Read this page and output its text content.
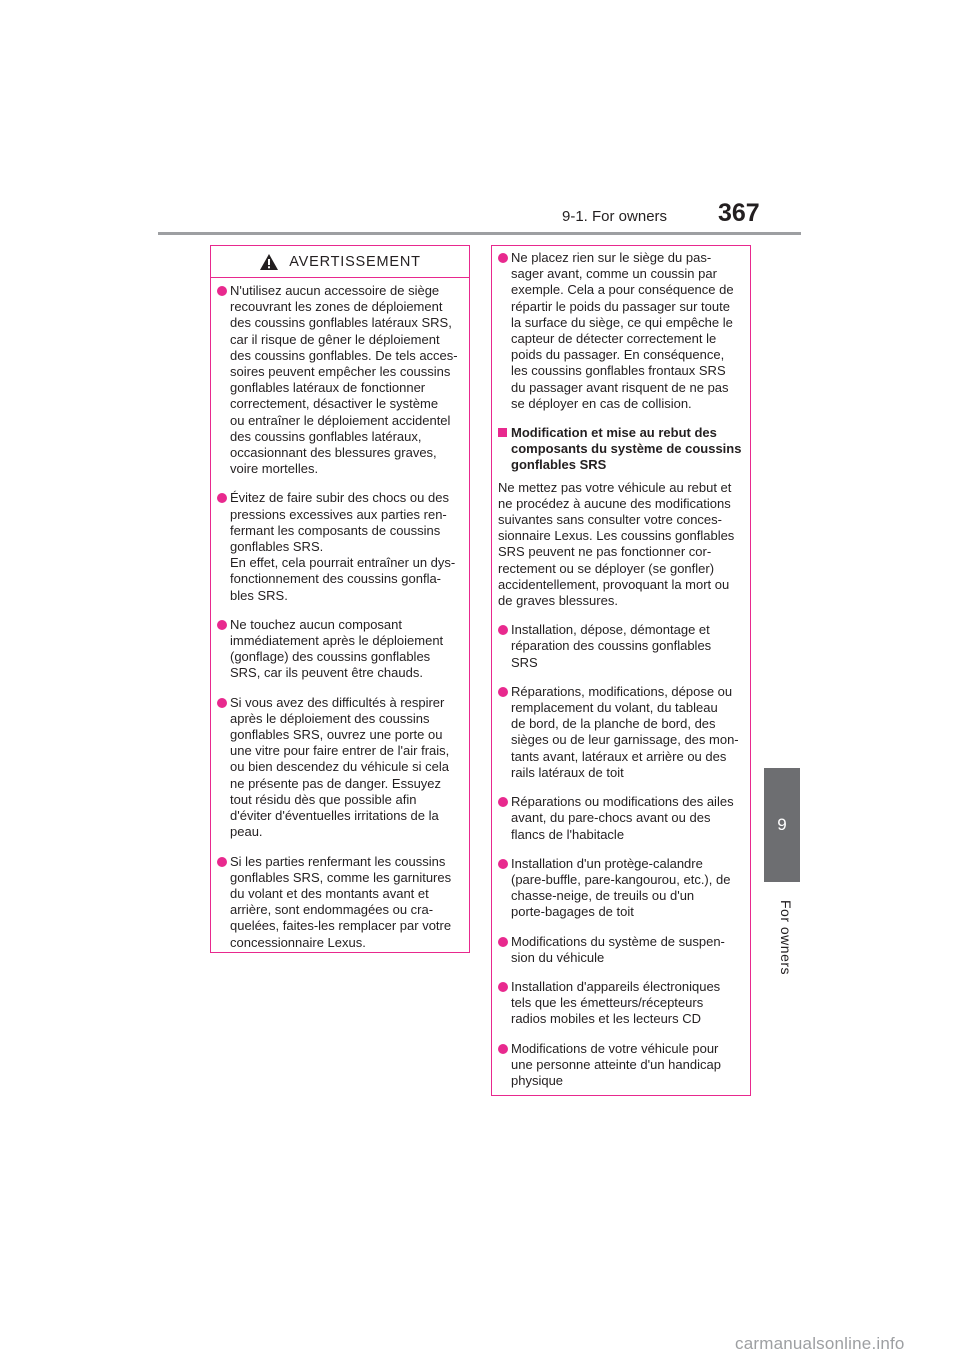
9-1. For owners 367
9
For owners
AVERTISSEMENT
N'utilisez aucun accessoire de siège
recouvrant les zones de déploiement
des coussins gonflables latéraux SRS,
car il risque de gêner le déploiement
des coussins gonflables. De tels acces-
soires peuvent empêcher les coussins
gonflables latéraux de fonctionner
correctement, désactiver le système
ou entraîner le déploiement accidentel
des coussins gonflables latéraux,
occasionnant des blessures graves,
voire mortelles.
Évitez de faire subir des chocs ou des
pressions excessives aux parties ren-
fermant les composants de coussins
gonflables SRS.
En effet, cela pourrait entraîner un dys-
fonctionnement des coussins gonfla-
bles SRS.
Ne touchez aucun composant
immédiatement après le déploiement
(gonflage) des coussins gonflables
SRS, car ils peuvent être chauds.
Si vous avez des difficultés à respirer
après le déploiement des coussins
gonflables SRS, ouvrez une porte ou
une vitre pour faire entrer de l'air frais,
ou bien descendez du véhicule si cela
ne présente pas de danger. Essuyez
tout résidu dès que possible afin
d'éviter d'éventuelles irritations de la
peau.
Si les parties renfermant les coussins
gonflables SRS, comme les garnitures
du volant et des montants avant et
arrière, sont endommagées ou cra-
quelées, faites-les remplacer par votre
concessionnaire Lexus.
Ne placez rien sur le siège du pas-
sager avant, comme un coussin par
exemple. Cela a pour conséquence de
répartir le poids du passager sur toute
la surface du siège, ce qui empêche le
capteur de détecter correctement le
poids du passager. En conséquence,
les coussins gonflables frontaux SRS
du passager avant risquent de ne pas
se déployer en cas de collision.
Modification et mise au rebut des
composants du système de coussins
gonflables SRS
Ne mettez pas votre véhicule au rebut et
ne procédez à aucune des modifications
suivantes sans consulter votre conces-
sionnaire Lexus. Les coussins gonflables
SRS peuvent ne pas fonctionner cor-
rectement ou se déployer (se gonfler)
accidentellement, provoquant la mort ou
de graves blessures.
Installation, dépose, démontage et
réparation des coussins gonflables
SRS
Réparations, modifications, dépose ou
remplacement du volant, du tableau
de bord, de la planche de bord, des
sièges ou de leur garnissage, des mon-
tants avant, latéraux et arrière ou des
rails latéraux de toit
Réparations ou modifications des ailes
avant, du pare-chocs avant ou des
flancs de l'habitacle
Installation d'un protège-calandre
(pare-buffle, pare-kangourou, etc.), de
chasse-neige, de treuils ou d'un
porte-bagages de toit
Modifications du système de suspen-
sion du véhicule
Installation d'appareils électroniques
tels que les émetteurs/récepteurs
radios mobiles et les lecteurs CD
Modifications de votre véhicule pour
une personne atteinte d'un handicap
physique
carmanualsonline.info
